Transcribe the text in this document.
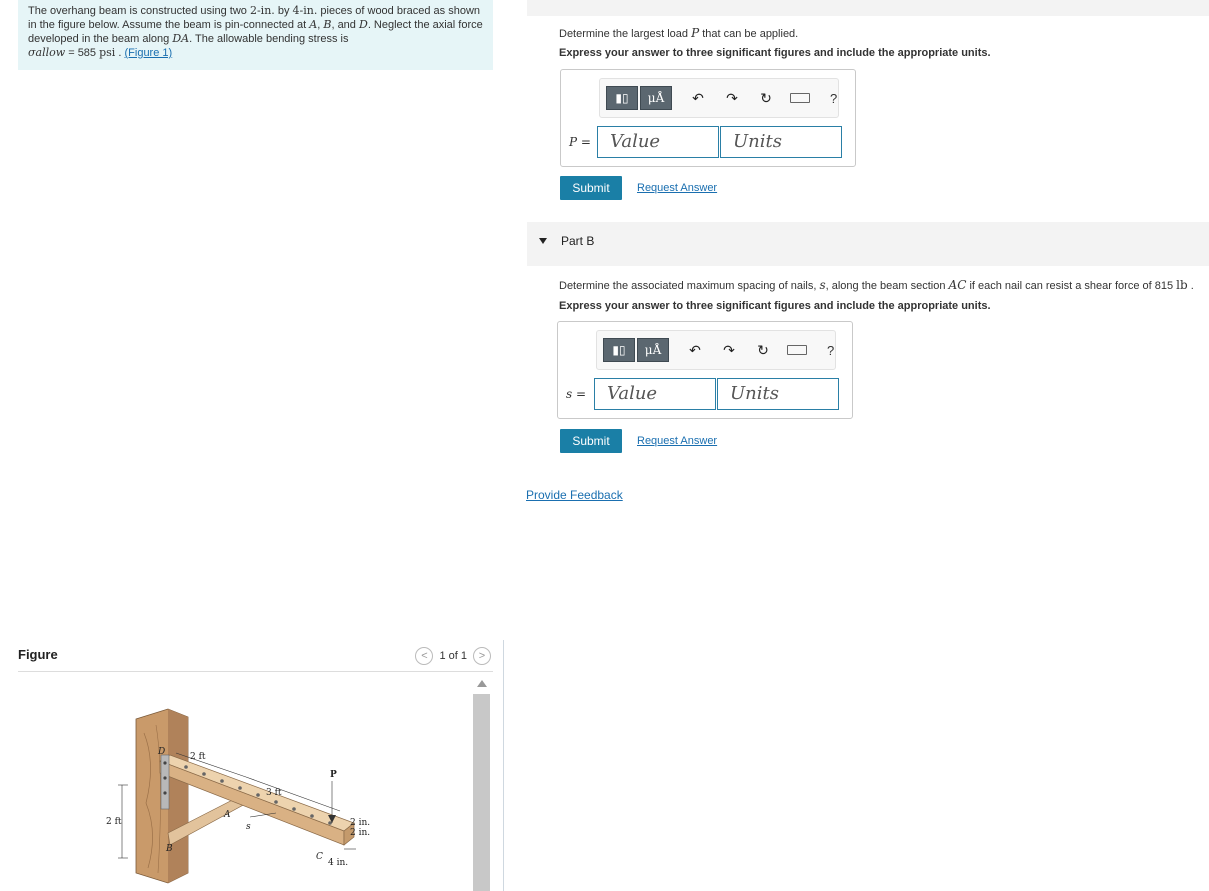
The overhang beam is constructed using two 2-in. by 4-in. pieces of wood braced as shown in the figure below. Assume the beam is pin-connected at A, B, and D. Neglect the axial force developed in the beam along DA. The allowable bending stress is
σallow = 585 psi . (Figure 1)
Figure	<	1 of 1	>
D	2 ft
3 ft
2 ft
A
s
P
2 in.
2 in.
B
C
4 in.
Determine the largest load P that can be applied.
Express your answer to three significant figures and include the appropriate units.
▮▯	μÅ	↶ ↷ ↻	?
P =	Value	Units
Submit	Request Answer
Part B
Determine the associated maximum spacing of nails, s, along the beam section AC if each nail can resist a shear force of 815 lb .
Express your answer to three significant figures and include the appropriate units.
▮▯	μÅ	↶ ↷ ↻	?
s =	Value	Units
Submit	Request Answer
Provide Feedback
